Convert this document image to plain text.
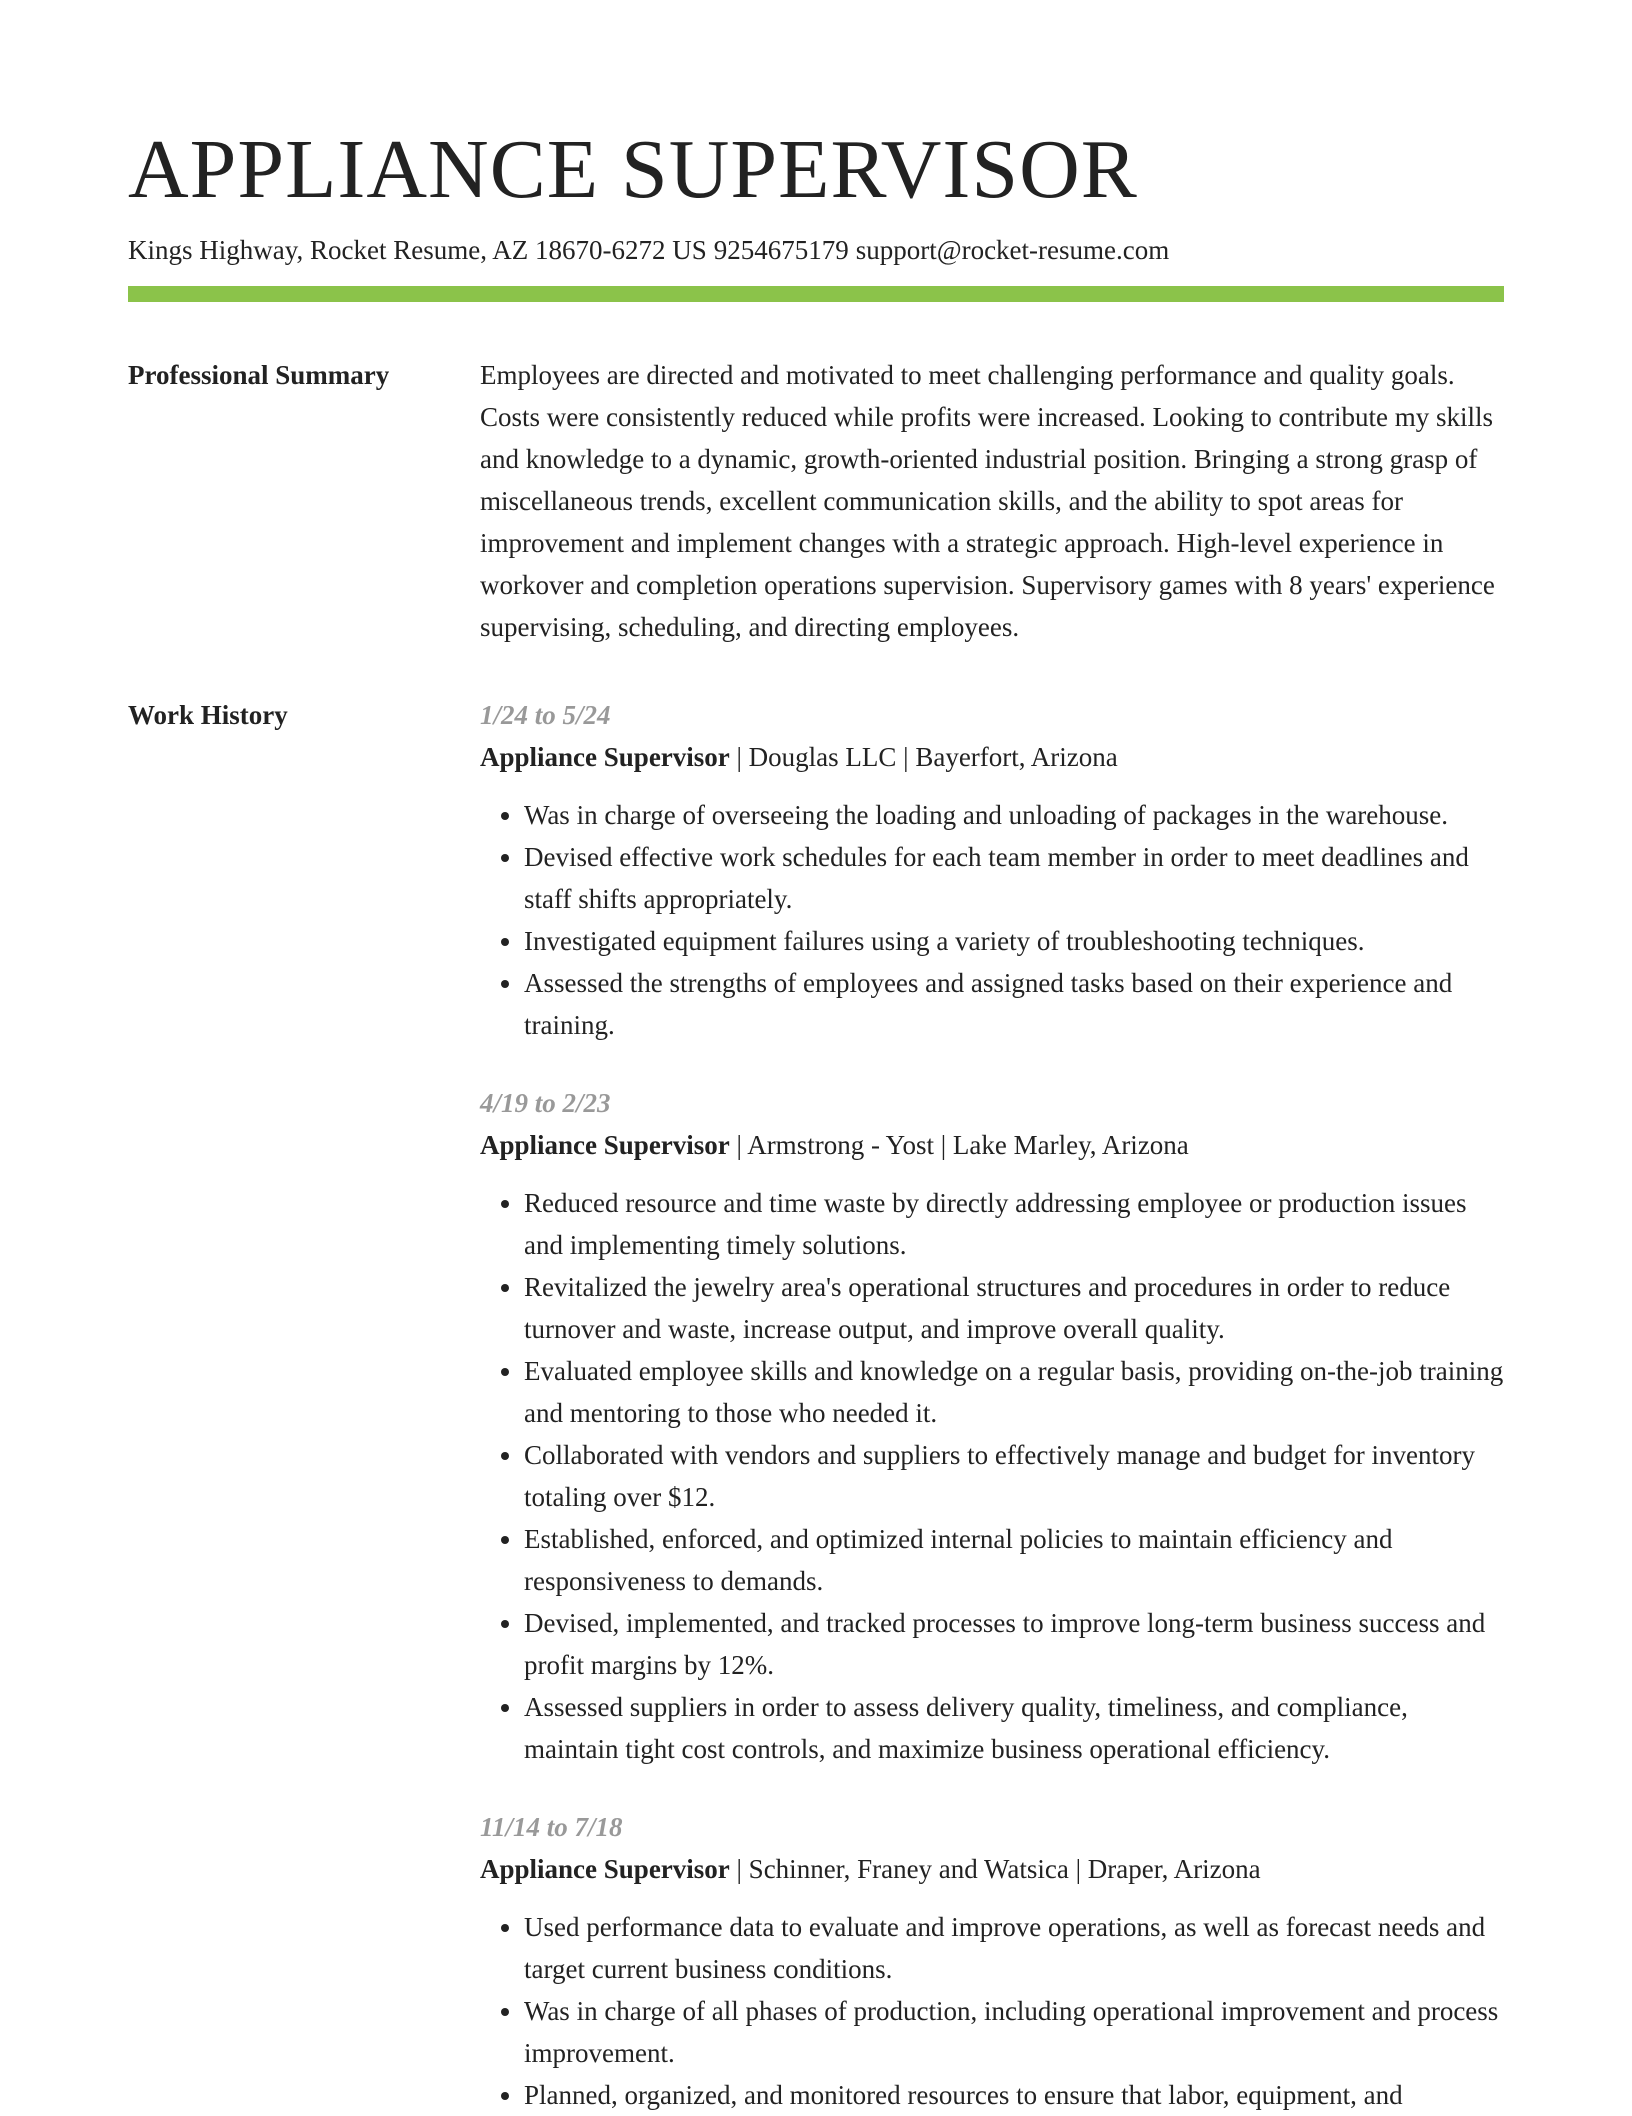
APPLIANCE SUPERVISOR
Kings Highway, Rocket Resume, AZ 18670-6272 US 9254675179 support@rocket-resume.com
Professional Summary	Employees are directed and motivated to meet challenging performance and quality goals. Costs were consistently reduced while profits were increased. Looking to contribute my skills and knowledge to a dynamic, growth-oriented industrial position. Bringing a strong grasp of miscellaneous trends, excellent communication skills, and the ability to spot areas for improvement and implement changes with a strategic approach. High-level experience in workover and completion operations supervision. Supervisory games with 8 years' experience supervising, scheduling, and directing employees.

Work History	1/24 to 5/24
Appliance Supervisor | Douglas LLC | Bayerfort, Arizona
• Was in charge of overseeing the loading and unloading of packages in the warehouse.
• Devised effective work schedules for each team member in order to meet deadlines and staff shifts appropriately.
• Investigated equipment failures using a variety of troubleshooting techniques.
• Assessed the strengths of employees and assigned tasks based on their experience and training.
4/19 to 2/23
Appliance Supervisor | Armstrong - Yost | Lake Marley, Arizona
• Reduced resource and time waste by directly addressing employee or production issues and implementing timely solutions.
• Revitalized the jewelry area's operational structures and procedures in order to reduce turnover and waste, increase output, and improve overall quality.
• Evaluated employee skills and knowledge on a regular basis, providing on-the-job training and mentoring to those who needed it.
• Collaborated with vendors and suppliers to effectively manage and budget for inventory totaling over $12.
• Established, enforced, and optimized internal policies to maintain efficiency and responsiveness to demands.
• Devised, implemented, and tracked processes to improve long-term business success and profit margins by 12%.
• Assessed suppliers in order to assess delivery quality, timeliness, and compliance, maintain tight cost controls, and maximize business operational efficiency.
11/14 to 7/18
Appliance Supervisor | Schinner, Franey and Watsica | Draper, Arizona
• Used performance data to evaluate and improve operations, as well as forecast needs and target current business conditions.
• Was in charge of all phases of production, including operational improvement and process improvement.
• Planned, organized, and monitored resources to ensure that labor, equipment, and
